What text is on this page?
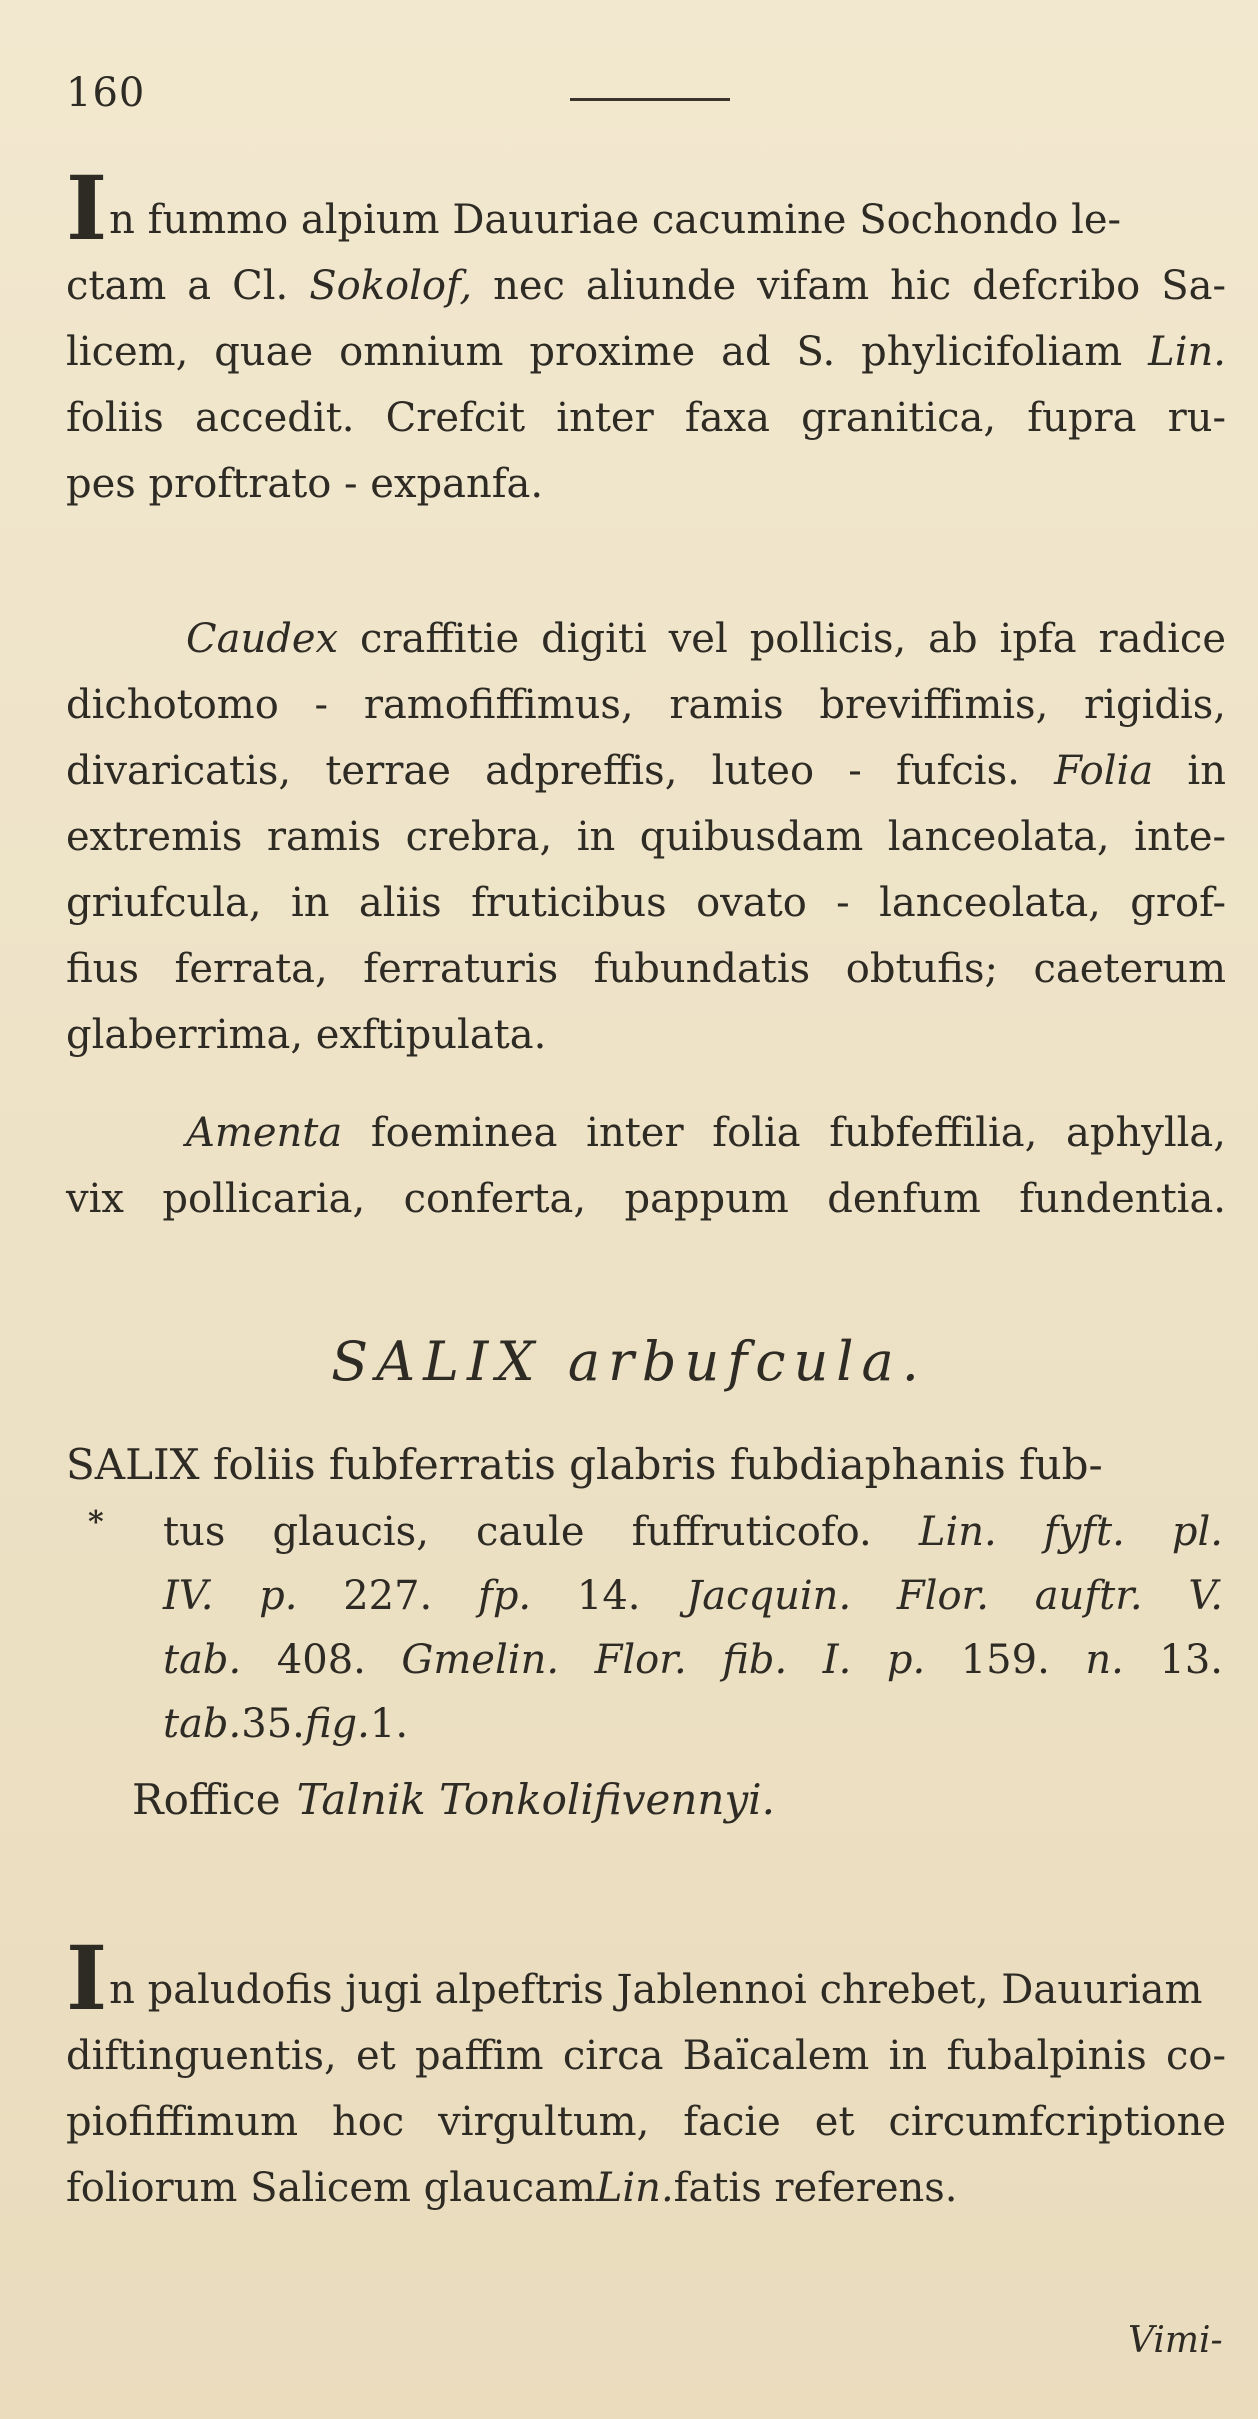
160
In fummo alpium Dauuriae cacumine Sochondo le-
ctam a Cl. Sokolof, nec aliunde vifam hic defcribo Sa-
licem, quae omnium proxime ad S. phylicifoliam Lin.
foliis accedit. Crefcit inter faxa granitica, fupra ru-
pes proftrato - expanfa.
Caudex craffitie digiti vel pollicis, ab ipfa radice
dichotomo - ramofiffimus, ramis breviffimis, rigidis,
divaricatis, terrae adpreffis, luteo - fufcis. Folia in
extremis ramis crebra, in quibusdam lanceolata, inte-
griufcula, in aliis fruticibus ovato - lanceolata, grof-
fius ferrata, ferraturis fubundatis obtufis; caeterum
glaberrima, exftipulata.
Amenta foeminea inter folia fubfeffilia, aphylla,
vix pollicaria, conferta, pappum denfum fundentia.
SALIX arbufcula.
SALIX foliis fubferratis glabris fubdiaphanis fub-
* tus glaucis, caule fuffruticofo. Lin. fyft. pl.
IV. p. 227. fp. 14. Jacquin. Flor. auftr. V.
tab. 408. Gmelin. Flor. fib. I. p. 159. n. 13.
tab. 35. fig. 1.
Roffice Talnik Tonkolifivennyi.
In paludofis jugi alpeftris Jablennoi chrebet, Dauuriam
diftinguentis, et paffim circa Baïcalem in fubalpinis co-
piofiffimum hoc virgultum, facie et circumfcriptione
foliorum Salicem glaucam Lin. fatis referens.
Vimi-
